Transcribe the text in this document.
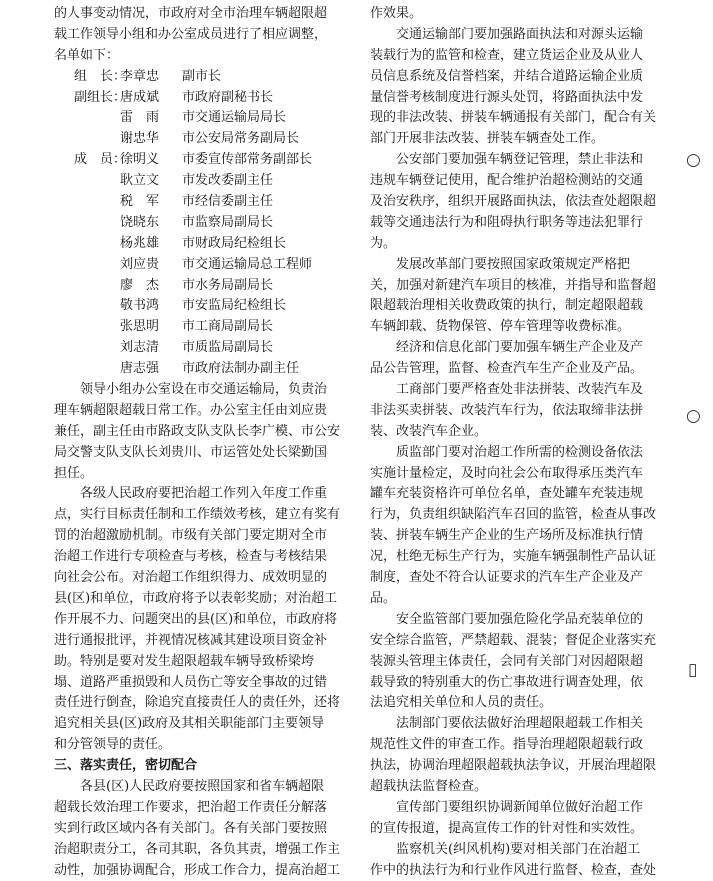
的人事变动情况，市政府对全市治理车辆超限超
载工作领导小组和办公室成员进行了相应调整，
名单如下：
组　长：
李章忠 副市长
副组长：
唐成斌 市政府副秘书长
雷　雨 市交通运输局局长
谢忠华 市公安局常务副局长
成　员：
徐明义 市委宣传部常务副部长
耿立文 市发改委副主任
税　军 市经信委副主任
饶晓东 市监察局副局长
杨兆雄 市财政局纪检组长
刘应贵 市交通运输局总工程师
廖　杰 市水务局副局长
敬书鸿 市安监局纪检组长
张思明 市工商局副局长
刘志清 市质监局副局长
唐志强 市政府法制办副主任
领导小组办公室设在市交通运输局，负责治
理车辆超限超载日常工作。办公室主任由刘应贵
兼任，副主任由市路政支队支队长李广模、市公安
局交警支队支队长刘贵川、市运管处处长梁勤国
担任。
各级人民政府要把治超工作列入年度工作重
点，实行目标责任制和工作绩效考核，建立有奖有
罚的治超激励机制。市级有关部门要定期对全市
治超工作进行专项检查与考核，检查与考核结果
向社会公布。对治超工作组织得力、成效明显的
县(区)和单位，市政府将予以表彰奖励；对治超工
作开展不力、问题突出的县(区)和单位，市政府将
进行通报批评，并视情况核减其建设项目资金补
助。特别是要对发生超限超载车辆导致桥梁垮
塌、道路严重损毁和人员伤亡等安全事故的过错
责任进行倒查，除追究直接责任人的责任外，还将
追究相关县(区)政府及其相关职能部门主要领导
和分管领导的责任。
三、落实责任，密切配合
各县(区)人民政府要按照国家和省车辆超限
超载长效治理工作要求，把治超工作责任分解落
实到行政区域内各有关部门。各有关部门要按照
治超职责分工，各司其职，各负其责，增强工作主
动性，加强协调配合，形成工作合力，提高治超工
作效果。
交通运输部门要加强路面执法和对源头运输
装载行为的监管和检查，建立货运企业及从业人
员信息系统及信誉档案，并结合道路运输企业质
量信誉考核制度进行源头处罚，将路面执法中发
现的非法改装、拼装车辆通报有关部门，配合有关
部门开展非法改装、拼装车辆查处工作。
公安部门要加强车辆登记管理，禁止非法和
违规车辆登记使用，配合维护治超检测站的交通
及治安秩序，组织开展路面执法，依法查处超限超
载等交通违法行为和阻碍执行职务等违法犯罪行
为。
发展改革部门要按照国家政策规定严格把
关，加强对新建汽车项目的核准，并指导和监督超
限超载治理相关收费政策的执行，制定超限超载
车辆卸载、货物保管、停车管理等收费标准。
经济和信息化部门要加强车辆生产企业及产
品公告管理，监督、检查汽车生产企业及产品。
工商部门要严格查处非法拼装、改装汽车及
非法买卖拼装、改装汽车行为，依法取缔非法拼
装、改装汽车企业。
质监部门要对治超工作所需的检测设备依法
实施计量检定，及时向社会公布取得承压类汽车
罐车充装资格许可单位名单，查处罐车充装违规
行为，负责组织缺陷汽车召回的监管，检查从事改
装、拼装车辆生产企业的生产场所及标准执行情
况，杜绝无标生产行为，实施车辆强制性产品认证
制度，查处不符合认证要求的汽车生产企业及产
品。
安全监管部门要加强危险化学品充装单位的
安全综合监管，严禁超载、混装；督促企业落实充
装源头管理主体责任，会同有关部门对因超限超
载导致的特别重大的伤亡事故进行调查处理，依
法追究相关单位和人员的责任。
法制部门要依法做好治理超限超载工作相关
规范性文件的审查工作。指导治理超限超载行政
执法，协调治理超限超载执法争议，开展治理超限
超载执法监督检查。
宣传部门要组织协调新闻单位做好治超工作
的宣传报道，提高宣传工作的针对性和实效性。
监察机关(纠风机构)要对相关部门在治超工
作中的执法行为和行业作风进行监督、检查，查处
○
○
▯
